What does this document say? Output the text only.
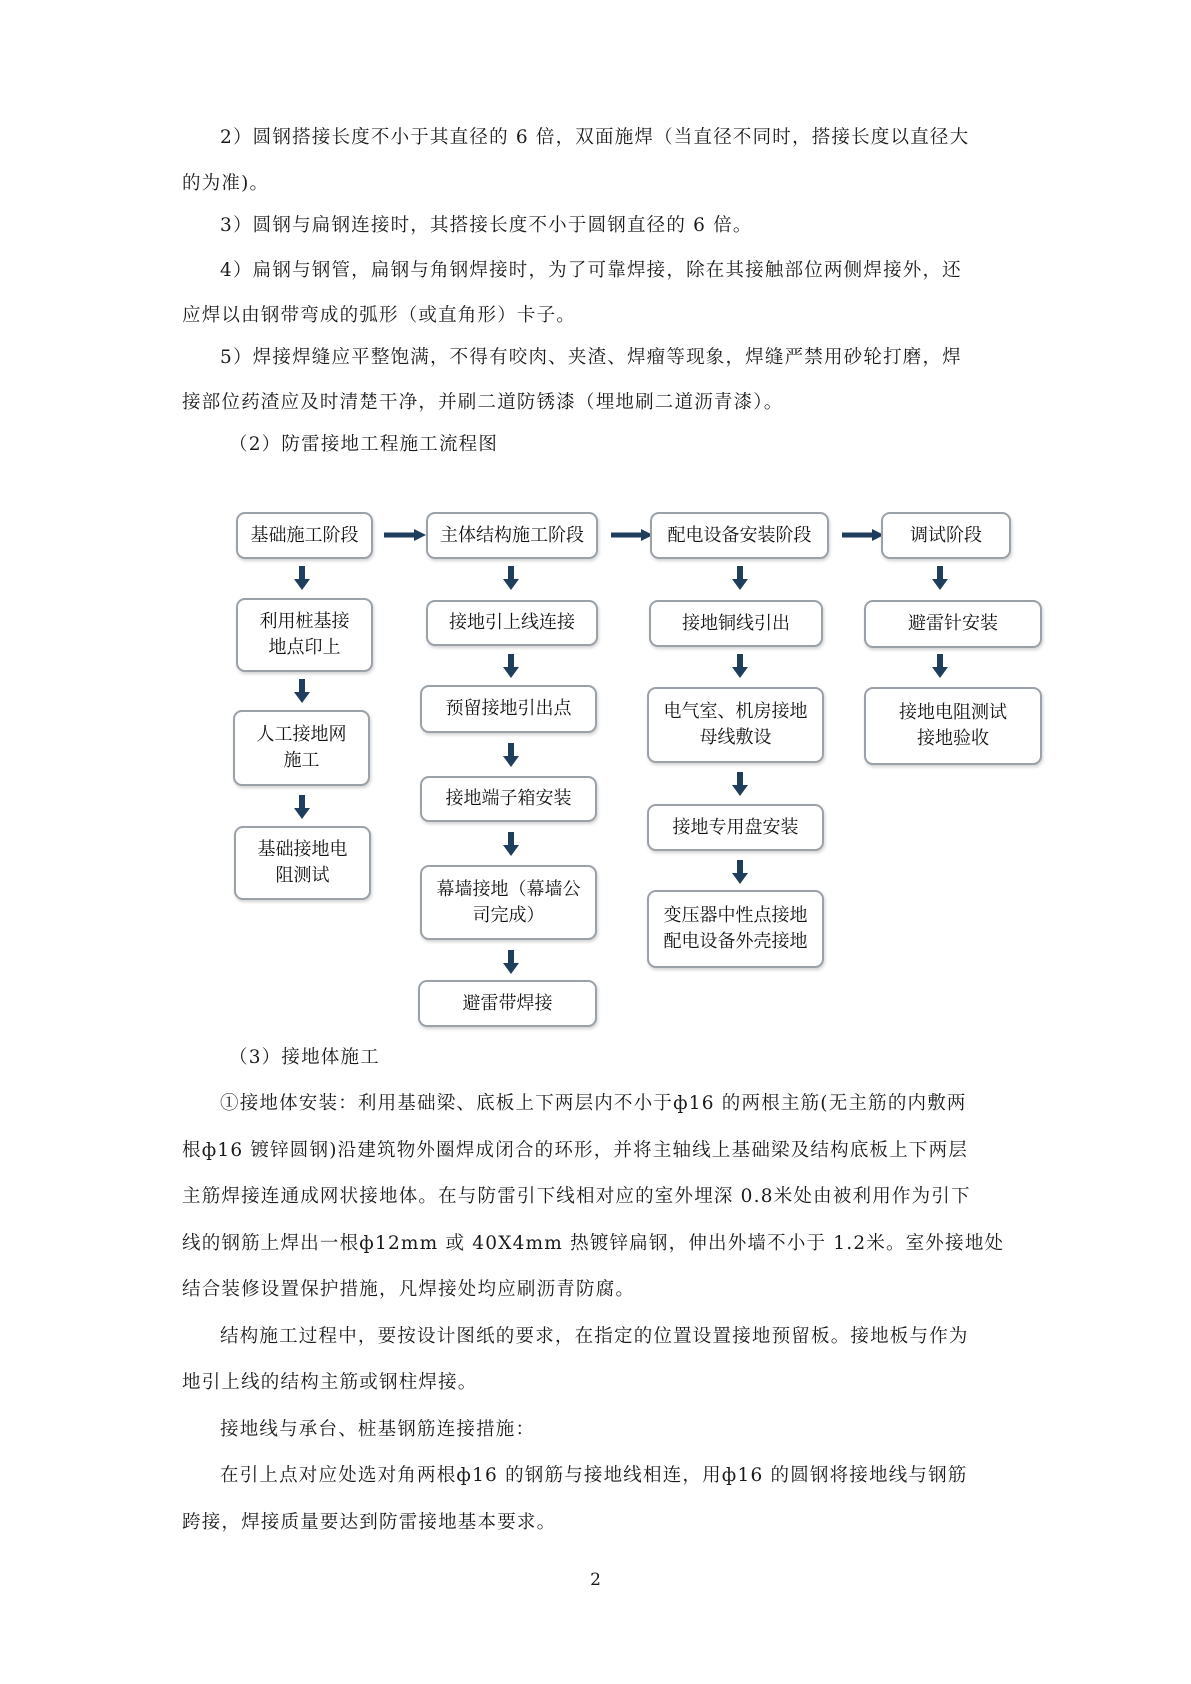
2）圆钢搭接长度不小于其直径的 6 倍，双面施焊（当直径不同时，搭接长度以直径大

的为准)。

3）圆钢与扁钢连接时，其搭接长度不小于圆钢直径的 6 倍。

4）扁钢与钢管，扁钢与角钢焊接时，为了可靠焊接，除在其接触部位两侧焊接外，还

应焊以由钢带弯成的弧形（或直角形）卡子。

5）焊接焊缝应平整饱满，不得有咬肉、夹渣、焊瘤等现象，焊缝严禁用砂轮打磨，焊

接部位药渣应及时清楚干净，并刷二道防锈漆（埋地刷二道沥青漆）。

（2）防雷接地工程施工流程图

基础施工阶段
利用桩基接
地点印上
人工接地网
施工
基础接地电
阻测试
主体结构施工阶段
接地引上线连接
预留接地引出点
接地端子箱安装
幕墙接地（幕墙公
司完成）
避雷带焊接
配电设备安装阶段
接地铜线引出
电气室、机房接地
母线敷设
接地专用盘安装
变压器中性点接地
配电设备外壳接地
调试阶段
避雷针安装
接地电阻测试
接地验收

（3）接地体施工

①接地体安装：利用基础梁、底板上下两层内不小于ф16 的两根主筋(无主筋的内敷两

根ф16 镀锌圆钢)沿建筑物外圈焊成闭合的环形，并将主轴线上基础梁及结构底板上下两层

主筋焊接连通成网状接地体。在与防雷引下线相对应的室外埋深 0.8米处由被利用作为引下

线的钢筋上焊出一根ф12mm 或 40X4mm 热镀锌扁钢，伸出外墙不小于 1.2米。室外接地处

结合装修设置保护措施，凡焊接处均应刷沥青防腐。

结构施工过程中，要按设计图纸的要求，在指定的位置设置接地预留板。接地板与作为

地引上线的结构主筋或钢柱焊接。

接地线与承台、桩基钢筋连接措施：

在引上点对应处选对角两根ф16 的钢筋与接地线相连，用ф16 的圆钢将接地线与钢筋

跨接，焊接质量要达到防雷接地基本要求。

2
